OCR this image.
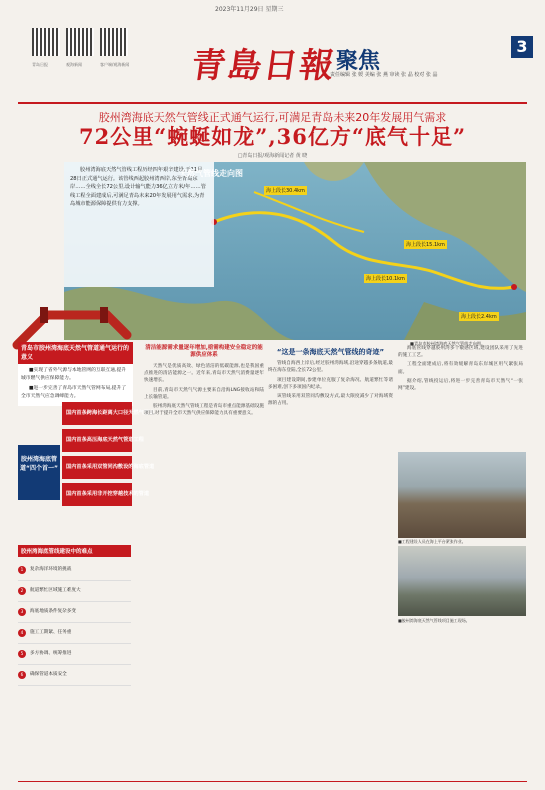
2023年11月29日 星期三
青岛日报	观海新闻	客户端/观海新闻 青島日報
聚焦
3
责任编辑 张 媛 美编 张 燕 审读 张 晶 校对 张 晶
胶州湾海底天然气管线正式通气运行,可满足青岛未来20年发展用气需求
72公里“蜿蜒如龙”,36亿方“底气十足”
□青岛日报/观海新闻记者 黄 晓
胶州湾海底天然气管线工程历经四年艰辛建设,于11月28日正式通气运行。该管线西起胶州湾西岸,东至青岛东岸……全线全长72公里,设计输气能力36亿立方米/年……管线工程全面建成后,可满足青岛未来20年发展用气需求,为青岛城市能源保障提供有力支撑。
天然气管线走向图
海上段长30.4km
海上段长15.1km
海上段长10.1km
海上段长2.4km
■青岛市胶州湾海底天然气管线走向图。
青岛市胶州湾海底天然气管道通气运行的意义

■实现了省外气源与本地管网的互联互通,提升城市燃气供应保障能力。

■进一步完善了青岛市天然气管网布局,提升了全市天然气应急调峰能力。

胶州湾海底管道“四个首一”
国内首条跨海长距离大口径天然气管道
国内首条高压海底天然气管道工程
国内首条采用双管同沟敷设的海底管道
国内首条采用非开挖穿越技术的管道
胶州湾海底管线建设中的难点
1	复杂海洋环境的挑战
2	航道繁忙区域施工难度大
3	海底地质条件复杂多变
4	施工工期紧、任务重
5	多方协调、统筹推进
6	确保管道本质安全

清洁能源需求量逐年增加,亟需构建安全稳定的能源供应体系

天然气是优质高效、绿色清洁的低碳能源,也是我国重点推进的清洁能源之一。近年来,青岛市天然气消费量逐年快速增长。

目前,青岛市天然气气源主要来自沿海LNG接收站和陆上长输管道。

胶州湾海底天然气管线工程是青岛市重点能源基础设施项目,对于提升全市天然气供应保障能力具有重要意义。

“这是一条海底天然气管线的奇迹”

管线自海西上岸后,经过胶州湾海域,沿途穿越多条航道,最终在海东登陆,全长72公里。

项目建设期间,参建单位克服了复杂海况、航道繁忙等诸多困难,创下多项国内纪录。

该管线采用双管同沟敷设方式,最大限度减少了对海域资源的占用。

海底管线穿越胶州湾多个敏感区域,建设团队采用了先进的施工工艺。

工程全面建成后,将有效缓解青岛东岸城区用气紧张局面。

据介绍,管线投运后,将进一步完善青岛市天然气“一张网”建设。

■工程建设人员在海上平台紧张作业。
■胶州湾海底天然气管线项目施工现场。
